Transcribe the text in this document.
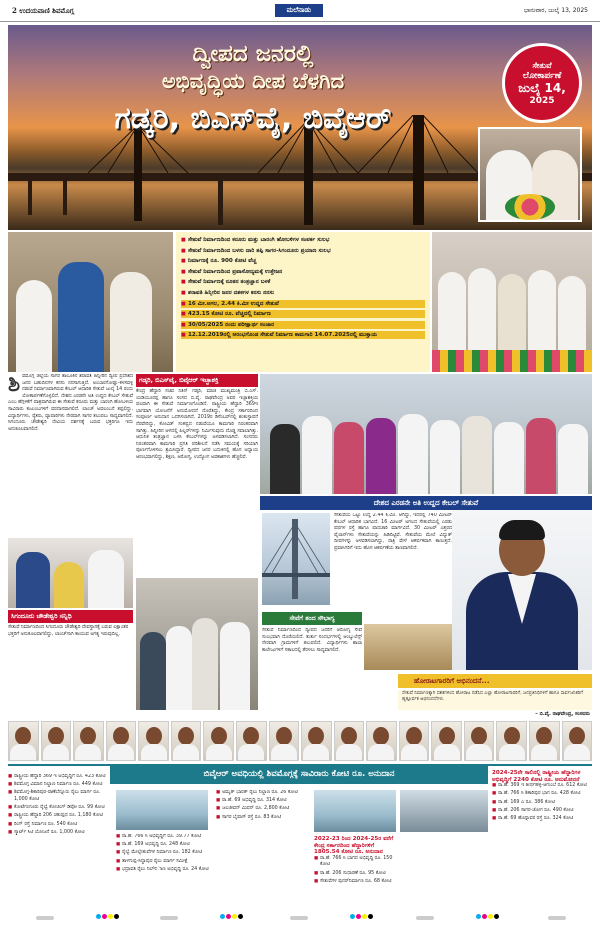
2 ಉದಯವಾಣಿ ಶಿವಮೊಗ್ಗ	ಮಲೆನಾಡು	ಭಾನುವಾರ, ಜುಲೈ 13, 2025
ದ್ವೀಪದ ಜನರಲ್ಲಿ
ಅಭಿವೃದ್ಧಿಯ ದೀಪ ಬೆಳಗಿದ
ಗಡ್ಕರಿ, ಬಿಎಸ್‌ವೈ, ಬಿವೈಆರ್
ಸೇತುವೆ
ಲೋಕಾರ್ಪಣೆ
ಜುಲೈ 14,
2025
■ ಸೇತುವೆ ನಿರ್ಮಾಣದಿಂದ ಕರೂರು ಮತ್ತು ಬಾರಂಗಿ ಹೋಬಳಿಗಳ ಸಂಪರ್ಕ ಸುಲಭ
■ ಸೇತುವೆ ನಿರ್ಮಾಣದಿಂದ ಬಳಸು ದಾರಿ ತಪ್ಪಿ ಸಾಗರ-ಸಿಗಂದೂರು ಪ್ರಯಾಣ ಸುಲಭ
■ ನಿರ್ಮಾಣಕ್ಕೆ ರೂ. 900 ಕೋಟಿ ವೆಚ್ಚ
■ ಸೇತುವೆ ನಿರ್ಮಾಣದಿಂದ ಪ್ರವಾಸೋದ್ಯಮಕ್ಕೆ ಉತ್ತೇಜನ
■ ಸೇತುವೆ ನಿರ್ಮಾಣಕ್ಕೆ ನೂತನ ತಂತ್ರಜ್ಞಾನ ಬಳಕೆ
■ ಶರಾವತಿ ಹಿನ್ನೀರಿನ ಜನರ ದಶಕಗಳ ಕನಸು ನನಸು
■ 16 ಮೀ.ಅಗಲ, 2.44 ಕಿ.ಮೀ ಉದ್ದದ ಸೇತುವೆ
■ 423.15 ಕೋಟಿ ರೂ. ವೆಚ್ಚದಲ್ಲಿ ನಿರ್ಮಾಣ
■ 30/05/2025 ರಂದು ಪರೀಕ್ಷಾರ್ಥ ಸಂಚಾರ
■ 12.12.2019ರಲ್ಲಿ ಆರಂಭಗೊಂಡ ಸೇತುವೆ ನಿರ್ಮಾಣ ಕಾಮಗಾರಿ 14.07.2025ರಲ್ಲಿ ಮುಕ್ತಾಯ
ಶಿ ವಮೊಗ್ಗ ಜಿಲ್ಲೆಯ ಸಾಗರ ತಾಲೂಕಿನ ಶರಾವತಿ ಹಿನ್ನೀರಿನ ದ್ವೀಪ ಪ್ರದೇಶದ ಜನರ ಬಹುದಿನಗಳ ಕನಸು ನನಸಾಗುತ್ತಿದೆ. ಅಂಬಾರಗೋಡ್ಲು-ಕಳಸವಳ್ಳಿ ನಡುವೆ ನಿರ್ಮಾಣವಾಗಿರುವ ಕೇಬಲ್ ಆಧಾರಿತ ಸೇತುವೆ ಜುಲೈ 14 ರಂದು ಲೋಕಾರ್ಪಣೆಗೊಳ್ಳಲಿದೆ. ದೇಶದ ಎರಡನೇ ಅತಿ ಉದ್ದದ ಕೇಬಲ್ ಸೇತುವೆ ಎಂಬ ಹೆಗ್ಗಳಿಕೆಗೆ ಪಾತ್ರವಾಗಿರುವ ಈ ಸೇತುವೆ ಕರೂರು ಮತ್ತು ಬಾರಂಗಿ ಹೋಬಳಿಯ ಸಾವಿರಾರು ಕುಟುಂಬಗಳಿಗೆ ವರದಾನವಾಗಲಿದೆ. ಲಾಂಚ್ ಅವಲಂಬನೆ ತಪ್ಪಲಿದ್ದು, ವಿದ್ಯಾರ್ಥಿಗಳು, ರೈತರು, ವ್ಯಾಪಾರಿಗಳು ನೇರವಾಗಿ ಸಾಗರ ತಲುಪಲು ಸಾಧ್ಯವಾಗಲಿದೆ. ಸಿಗಂದೂರು ಚೌಡೇಶ್ವರಿ ದೇವಿಯ ದರ್ಶನಕ್ಕೆ ಬರುವ ಭಕ್ತರಿಗೂ ಇದು ಅನುಕೂಲವಾಗಲಿದೆ.
ಗಡ್ಕರಿ, ಬಿಎಸ್‌ವೈ, ಬಿವೈಆರ್ ಇಚ್ಛಾಶಕ್ತಿ
ಕೇಂದ್ರ ಹೆದ್ದಾರಿ ಸಚಿವ ನಿತಿನ್ ಗಡ್ಕರಿ, ಮಾಜಿ ಮುಖ್ಯಮಂತ್ರಿ ಬಿ.ಎಸ್. ಯಡಿಯೂರಪ್ಪ ಹಾಗೂ ಸಂಸದ ಬಿ.ವೈ. ರಾಘವೇಂದ್ರ ಅವರ ಇಚ್ಛಾಶಕ್ತಿಯ ಫಲವಾಗಿ ಈ ಸೇತುವೆ ನಿರ್ಮಾಣಗೊಂಡಿದೆ. ರಾಷ್ಟ್ರೀಯ ಹೆದ್ದಾರಿ 369ಇ ಭಾಗವಾಗಿ ಯೋಜನೆಗೆ ಅನುಮೋದನೆ ದೊರೆತಿದ್ದು, ಕೇಂದ್ರ ಸರ್ಕಾರದಿಂದ ಸಂಪೂರ್ಣ ಅನುದಾನ ಒದಗಿಸಲಾಗಿದೆ. 2019ರ ಡಿಸೆಂಬರ್‌ನಲ್ಲಿ ಶಂಕುಸ್ಥಾಪನೆ ನೆರವೇರಿದ್ದು, ಕೋವಿಡ್ ಸಂಕಷ್ಟದ ನಡುವೆಯೂ ಕಾಮಗಾರಿ ನಿರಂತರವಾಗಿ ಸಾಗಿತ್ತು. ಹಿನ್ನೀರಿನ ಆಳದಲ್ಲಿ ಪಿಲ್ಲರ್‌ಗಳನ್ನು ನಿರ್ಮಿಸುವುದು ದೊಡ್ಡ ಸವಾಲಾಗಿತ್ತು. ಆಧುನಿಕ ತಂತ್ರಜ್ಞಾನ ಬಳಸಿ ಕೇಬಲ್‌ಗಳನ್ನು ಅಳವಡಿಸಲಾಗಿದೆ. ಸಂಸದರು ನಿರಂತರವಾಗಿ ಕಾಮಗಾರಿ ಪ್ರಗತಿ ಪರಿಶೀಲನೆ ನಡೆಸಿ ಸಮಯಕ್ಕೆ ಸರಿಯಾಗಿ ಪೂರ್ಣಗೊಳಿಸಲು ಶ್ರಮಿಸಿದ್ದಾರೆ. ದ್ವೀಪದ ಜನರ ಬದುಕಿನಲ್ಲಿ ಹೊಸ ಅಧ್ಯಾಯ ಆರಂಭವಾಗಲಿದ್ದು, ಶಿಕ್ಷಣ, ಆರೋಗ್ಯ, ಉದ್ಯೋಗ ಅವಕಾಶಗಳು ಹೆಚ್ಚಲಿವೆ.
ದೇಶದ ಎರಡನೇ ಅತಿ ಉದ್ದದ ಕೇಬಲ್ ಸೇತುವೆ
ಸೇತುವೆಯ ಒಟ್ಟು ಉದ್ದ 2.44 ಕಿ.ಮೀ. ಆಗಿದ್ದು, ಇದರಲ್ಲಿ 740 ಮೀಟರ್ ಕೇಬಲ್ ಆಧಾರಿತ ಭಾಗವಿದೆ. 16 ಮೀಟರ್ ಅಗಲದ ಸೇತುವೆಯಲ್ಲಿ ಎರಡು ಪಥಗಳ ರಸ್ತೆ ಹಾಗೂ ಪಾದಚಾರಿ ಮಾರ್ಗವಿದೆ. 30 ಮೀಟರ್ ಎತ್ತರದ ಪೈಲಾನ್‌ಗಳು ಸೇತುವೆಯನ್ನು ಹಿಡಿದಿಟ್ಟಿವೆ. ಸೇತುವೆಯ ಮೇಲೆ ವಿದ್ಯುತ್ ದೀಪಗಳನ್ನು ಅಳವಡಿಸಲಾಗಿದ್ದು, ರಾತ್ರಿ ವೇಳೆ ಆಕರ್ಷಕವಾಗಿ ಕಾಣುತ್ತದೆ. ಪ್ರವಾಸಿಗರಿಗೆ ಇದು ಹೊಸ ಆಕರ್ಷಣೆಯ ತಾಣವಾಗಲಿದೆ.
ಸಿಗಂದೂರು ಚೌಡೇಶ್ವರಿ ಸನ್ನಿಧಿ
ಸೇತುವೆ ನಿರ್ಮಾಣದಿಂದ ಸಿಗಂದೂರು ಚೌಡೇಶ್ವರಿ ದೇವಸ್ಥಾನಕ್ಕೆ ಬರುವ ಲಕ್ಷಾಂತರ ಭಕ್ತರಿಗೆ ಅನುಕೂಲವಾಗಲಿದ್ದು, ಲಾಂಚ್‌ಗಾಗಿ ಕಾಯುವ ಅಗತ್ಯ ಇರುವುದಿಲ್ಲ.
ಸೇವೆಗೆ ತಂದ ಸೌಭಾಗ್ಯ
ಸೇತುವೆ ನಿರ್ಮಾಣದಿಂದ ದ್ವೀಪದ ಜನರಿಗೆ ಆರೋಗ್ಯ ಸೇವೆ ಸುಲಭವಾಗಿ ದೊರೆಯಲಿದೆ. ತುರ್ತು ಸಂದರ್ಭಗಳಲ್ಲಿ ಆಂಬ್ಯುಲೆನ್ಸ್ ನೇರವಾಗಿ ಗ್ರಾಮಗಳಿಗೆ ತಲುಪಲಿದೆ. ವಿದ್ಯಾರ್ಥಿಗಳು ಶಾಲಾ ಕಾಲೇಜುಗಳಿಗೆ ಸಕಾಲದಲ್ಲಿ ತೆರಳಲು ಸಾಧ್ಯವಾಗಲಿದೆ.
ಹೋರಾಟಗಾರರಿಗೆ ಅಭಿನಂದನೆ...
ಸೇತುವೆ ನಿರ್ಮಾಣಕ್ಕಾಗಿ ದಶಕಗಳಿಂದ ಹೋರಾಟ ನಡೆಸಿದ ಎಲ್ಲಾ ಹೋರಾಟಗಾರರಿಗೆ, ಜನಪ್ರತಿನಿಧಿಗಳಿಗೆ ಹಾಗೂ ಸಾರ್ವಜನಿಕರಿಗೆ ಹೃತ್ಪೂರ್ವಕ ಅಭಿನಂದನೆಗಳು.
– ಬಿ.ವೈ. ರಾಘವೇಂದ್ರ, ಸಂಸದರು
■ ರಾಷ್ಟ್ರೀಯ ಹೆದ್ದಾರಿ 369 ಇ ಅಭಿವೃದ್ಧಿಗೆ ರೂ. 423 ಕೋಟಿ
■ ಶಿವಮೊಗ್ಗ ವಿಮಾನ ನಿಲ್ದಾಣ ನಿರ್ಮಾಣ ರೂ. 449 ಕೋಟಿ
■ ಶಿವಮೊಗ್ಗ-ಶಿಕಾರಿಪುರ-ರಾಣೆಬೆನ್ನೂರು ರೈಲು ಮಾರ್ಗ ರೂ. 1,000 ಕೋಟಿ
■ ಕೋಟೆಗಂಗೂರು ರೈಲ್ವೆ ಕೋಚಿಂಗ್ ಡಿಪೋ ರೂ. 99 ಕೋಟಿ
■ ರಾಷ್ಟ್ರೀಯ ಹೆದ್ದಾರಿ 206 ಚತುಷ್ಪಥ ರೂ. 1,180 ಕೋಟಿ
■ ರಿಂಗ್ ರಸ್ತೆ ನಿರ್ಮಾಣ ರೂ. 540 ಕೋಟಿ
■ ಸ್ಮಾರ್ಟ್ ಸಿಟಿ ಯೋಜನೆ ರೂ. 1,000 ಕೋಟಿ
■ ರಾ.ಹೆ. 766 ಸಿ ಅಭಿವೃದ್ಧಿಗೆ ರೂ. 39.77 ಕೋಟಿ
■ ರಾ.ಹೆ. 169 ಅಭಿವೃದ್ಧಿ ರೂ. 248 ಕೋಟಿ
■ ರೈಲ್ವೆ ಮೇಲ್ಸೇತುವೆಗಳ ನಿರ್ಮಾಣ ರೂ. 182 ಕೋಟಿ
■ ತಾಳಗುಪ್ಪ-ಸಿದ್ದಾಪುರ ರೈಲು ಮಾರ್ಗ ಸಮೀಕ್ಷೆ
■ ಭದ್ರಾವತಿ ರೈಲು ನಿಲ್दಾಣ ಅಭಿವೃದ್ಧಿ ರೂ. 24 ಕೋಟಿ
■ ಅಮೃತ್ ಭಾರತ್ ರೈಲು ನಿಲ್ದಾಣ ರೂ. 26 ಕೋಟಿ
■ ರಾ.ಹೆ. 69 ಅಭಿವೃದ್ಧಿ ರೂ. 314 ಕೋಟಿ
■ ಜಲಜೀವನ್ ಮಿಷನ್ ರೂ. 2,800 ಕೋಟಿ
■ ಸಾಗರ ಬೈಪಾಸ್ ರಸ್ತೆ ರೂ. 83 ಕೋಟಿ
2022-23 ರಿಂದ 2024-25ರ ವರೆಗೆ ಕೇಂದ್ರ ಸರ್ಕಾರದಿಂದ ಹೆದ್ದಾರಿಗಳಿಗೆ 1805.54 ಕೋಟಿ ರೂ. ಅನುದಾನ
■ ರಾ.ಹೆ. 766 ಸಿ ಭಾಗದ ಅಭಿವೃದ್ಧಿ ರೂ. 150 ಕೋಟಿ
■ ರಾ.ಹೆ. 206 ಸುಧಾರಣೆ ರೂ. 95 ಕೋಟಿ
■ ಸೇತುವೆಗಳ ಪುನರ್‌ನಿರ್ಮಾಣ ರೂ. 68 ಕೋಟಿ
2024-25ನೇ ಸಾಲಿನಲ್ಲಿ ರಾಷ್ಟ್ರೀಯ ಹೆದ್ದಾರಿಗಳ ಅಭಿವೃದ್ಧಿಗೆ 2240 ಕೋಟಿ ರೂ. ಅನುಮೋದನೆ
■ ರಾ.ಹೆ. 369 ಇ ತೀರ್ಥಹಳ್ಳಿ-ಆಗುಂಬೆ ರೂ. 612 ಕೋಟಿ
■ ರಾ.ಹೆ. 766 ಸಿ ಶಿಕಾರಿಪುರ ಭಾಗ ರೂ. 428 ಕೋಟಿ
■ ರಾ.ಹೆ. 169 ಎ ರೂ. 386 ಕೋಟಿ
■ ರಾ.ಹೆ. 206 ಸಾಗರ-ಜೋಗ ರೂ. 490 ಕೋಟಿ
■ ರಾ.ಹೆ. 69 ಹೊನ್ನಾವರ ರಸ್ತೆ ರೂ. 324 ಕೋಟಿ
ಬಿವೈಆರ್ ಅವಧಿಯಲ್ಲಿ ಶಿವಮೊಗ್ಗಕ್ಕೆ ಸಾವಿರಾರು ಕೋಟಿ ರೂ. ಅನುದಾನ
